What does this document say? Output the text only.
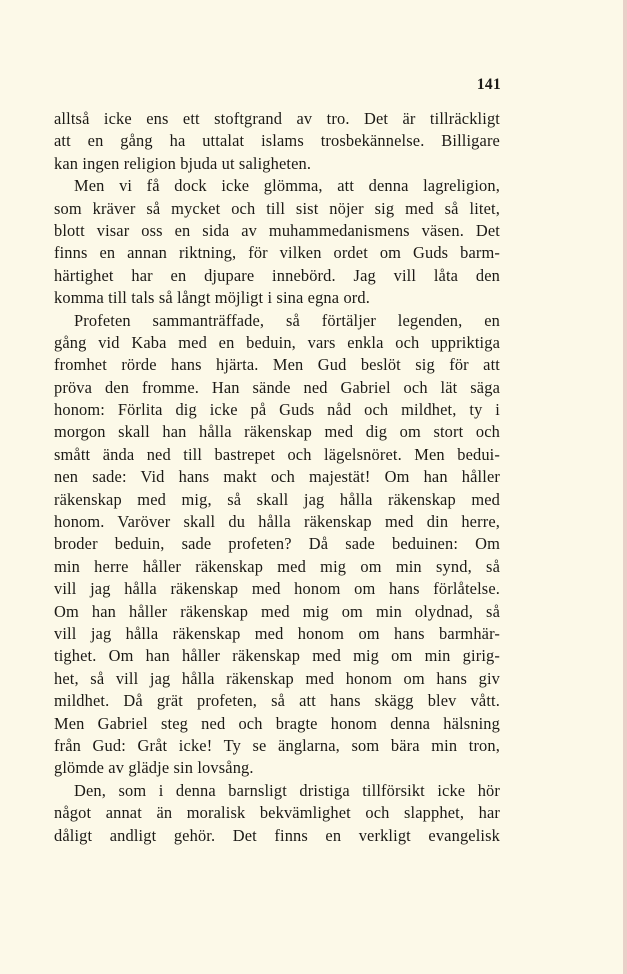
141
alltså icke ens ett stoftgrand av tro. Det är tillräckligt
att en gång ha uttalat islams trosbekännelse. Billigare
kan ingen religion bjuda ut saligheten.
Men vi få dock icke glömma, att denna lagreligion,
som kräver så mycket och till sist nöjer sig med så litet,
blott visar oss en sida av muhammedanismens väsen. Det
finns en annan riktning, för vilken ordet om Guds barm-
härtighet har en djupare innebörd. Jag vill låta den
komma till tals så långt möjligt i sina egna ord.
Profeten sammanträffade, så förtäljer legenden, en
gång vid Kaba med en beduin, vars enkla och uppriktiga
fromhet rörde hans hjärta. Men Gud beslöt sig för att
pröva den fromme. Han sände ned Gabriel och lät säga
honom: Förlita dig icke på Guds nåd och mildhet, ty i
morgon skall han hålla räkenskap med dig om stort och
smått ända ned till bastrepet och lägelsnöret. Men bedui-
nen sade: Vid hans makt och majestät! Om han håller
räkenskap med mig, så skall jag hålla räkenskap med
honom. Varöver skall du hålla räkenskap med din herre,
broder beduin, sade profeten? Då sade beduinen: Om
min herre håller räkenskap med mig om min synd, så
vill jag hålla räkenskap med honom om hans förlåtelse.
Om han håller räkenskap med mig om min olydnad, så
vill jag hålla räkenskap med honom om hans barmhär-
tighet. Om han håller räkenskap med mig om min girig-
het, så vill jag hålla räkenskap med honom om hans giv
mildhet. Då grät profeten, så att hans skägg blev vått.
Men Gabriel steg ned och bragte honom denna hälsning
från Gud: Gråt icke! Ty se änglarna, som bära min tron,
glömde av glädje sin lovsång.
Den, som i denna barnsligt dristiga tillförsikt icke hör
något annat än moralisk bekvämlighet och slapphet, har
dåligt andligt gehör. Det finns en verkligt evangelisk
